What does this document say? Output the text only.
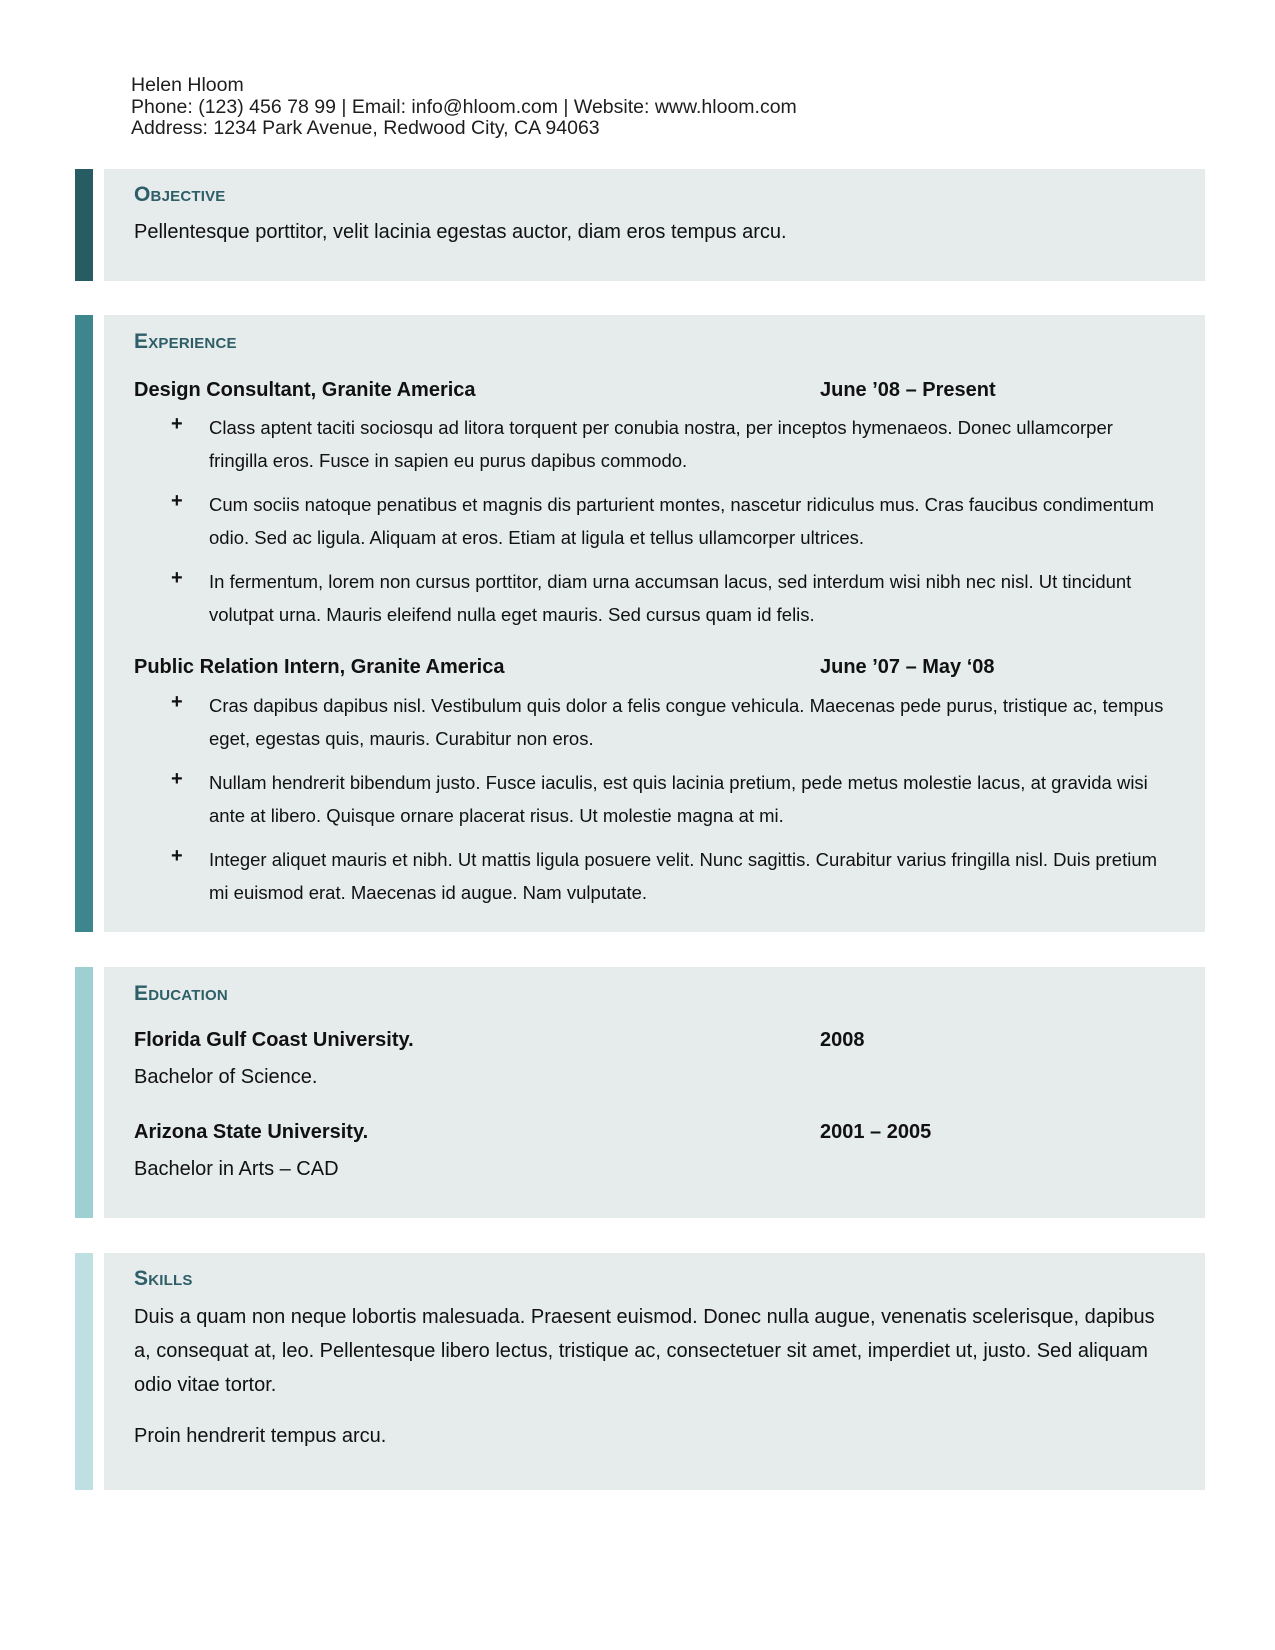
Helen Hloom
Phone: (123) 456 78 99 | Email: info@hloom.com | Website: www.hloom.com
Address: 1234 Park Avenue, Redwood City, CA 94063
Objective
Pellentesque porttitor, velit lacinia egestas auctor, diam eros tempus arcu.
Experience
Design Consultant, Granite America	June ’08 – Present
+ Class aptent taciti sociosqu ad litora torquent per conubia nostra, per inceptos hymenaeos. Donec ullamcorper fringilla eros. Fusce in sapien eu purus dapibus commodo.
+ Cum sociis natoque penatibus et magnis dis parturient montes, nascetur ridiculus mus. Cras faucibus condimentum odio. Sed ac ligula. Aliquam at eros. Etiam at ligula et tellus ullamcorper ultrices.
+ In fermentum, lorem non cursus porttitor, diam urna accumsan lacus, sed interdum wisi nibh nec nisl. Ut tincidunt volutpat urna. Mauris eleifend nulla eget mauris. Sed cursus quam id felis.
Public Relation Intern, Granite America	June ’07 – May ‘08
+ Cras dapibus dapibus nisl. Vestibulum quis dolor a felis congue vehicula. Maecenas pede purus, tristique ac, tempus eget, egestas quis, mauris. Curabitur non eros.
+ Nullam hendrerit bibendum justo. Fusce iaculis, est quis lacinia pretium, pede metus molestie lacus, at gravida wisi ante at libero. Quisque ornare placerat risus. Ut molestie magna at mi.
+ Integer aliquet mauris et nibh. Ut mattis ligula posuere velit. Nunc sagittis. Curabitur varius fringilla nisl. Duis pretium mi euismod erat. Maecenas id augue. Nam vulputate.
Education
Florida Gulf Coast University.	2008
Bachelor of Science.
Arizona State University.	2001 – 2005
Bachelor in Arts – CAD
Skills
Duis a quam non neque lobortis malesuada. Praesent euismod. Donec nulla augue, venenatis scelerisque, dapibus a, consequat at, leo. Pellentesque libero lectus, tristique ac, consectetuer sit amet, imperdiet ut, justo. Sed aliquam odio vitae tortor.
Proin hendrerit tempus arcu.
